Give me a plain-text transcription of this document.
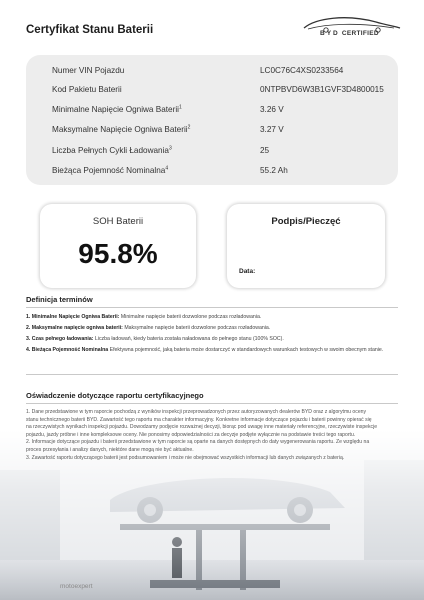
Certyfikat Stanu Baterii	BYD CERTIFIED
Numer VIN Pojazdu	LC0C76C4XS0233564
Kod Pakietu Baterii	0NTPBVD6W3B1GVF3D4800015
Minimalne Napięcie Ogniwa Baterii$^1$	3.26 V
Maksymalne Napięcie Ogniwa Baterii$^2$	3.27 V
Liczba Pełnych Cykli Ładowania$^3$	25
Bieżąca Pojemność Nominalna$^4$	55.2 Ah
SOH Baterii
95.8%
Podpis/Pieczęć
Data:
Definicja terminów
1. Minimalne Napięcie Ogniwa Baterii: Minimalne napięcie baterii dozwolone podczas rozładowania.
2. Maksymalne napięcie ogniwa baterii: Maksymalne napięcie baterii dozwolone podczas rozładowania.
3. Czas pełnego ładowania: Liczba ładowań, kiedy bateria została naładowana do pełnego stanu (100% SOC).
4. Bieżąca Pojemność Nominalna Efektywna pojemność, jaką bateria może dostarczyć w standardowych warunkach testowych w swoim obecnym stanie.
Oświadczenie dotyczące raportu certyfikacyjnego

1. Dane przedstawione w tym raporcie pochodzą z wyników inspekcji przeprowadzonych przez autoryzowanych dealerów BYD oraz z algorytmu oceny stanu technicznego baterii BYD. Zawartość tego raportu ma charakter informacyjny. Konkretne informacje dotyczące pojazdu i baterii powinny opierać się na rzeczywistych wynikach inspekcji pojazdu. Dowodzamy podjęcie rozważnej decyzji, biorąc pod uwagę inne materiały referencyjne, rzeczywiste inspekcje pojazdu, jazdy próbne i inne kompleksowe oceny. Nie ponosimy odpowiedzialności za decyzje podjęte wyłącznie na podstawie treści tego raportu.

2. Informacje dotyczące pojazdu i baterii przedstawione w tym raporcie są oparte na danych dostępnych do daty wygenerowania raportu. Ze względu na proces przesyłania i analizy danych, niektóre dane mogą nie być aktualne.

3. Zawartość raportu dotyczącego baterii jest podsumowaniem i może nie obejmować wszystkich informacji lub danych związanych z baterią.

motoexpert
